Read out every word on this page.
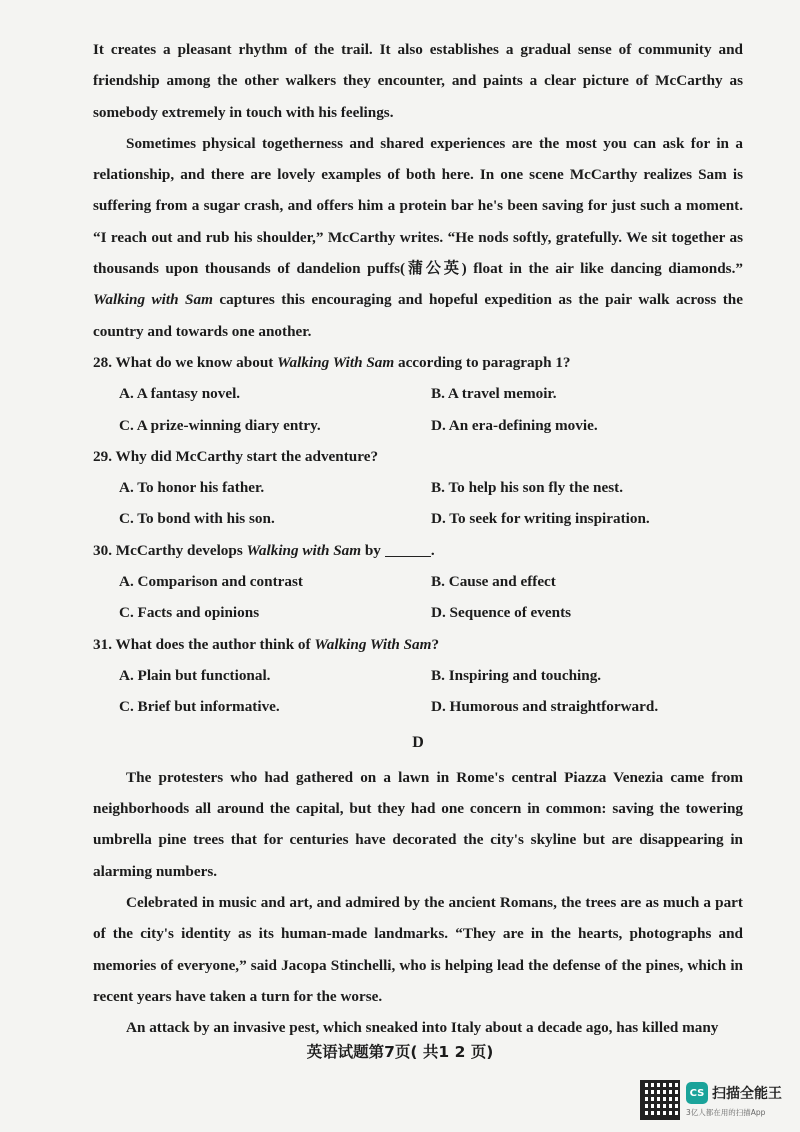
It creates a pleasant rhythm of the trail. It also establishes a gradual sense of community and friendship among the other walkers they encounter, and paints a clear picture of McCarthy as somebody extremely in touch with his feelings.

Sometimes physical togetherness and shared experiences are the most you can ask for in a relationship, and there are lovely examples of both here. In one scene McCarthy realizes Sam is suffering from a sugar crash, and offers him a protein bar he's been saving for just such a moment. “I reach out and rub his shoulder,” McCarthy writes. “He nods softly, gratefully. We sit together as thousands upon thousands of dandelion puffs(蒲公英) float in the air like dancing diamonds.” Walking with Sam captures this encouraging and hopeful expedition as the pair walk across the country and towards one another.

28. What do we know about Walking With Sam according to paragraph 1?

A. A fantasy novel.	B. A travel memoir.
C. A prize-winning diary entry.	D. An era-defining movie.

29. Why did McCarthy start the adventure?

A. To honor his father.	B. To help his son fly the nest.
C. To bond with his son.	D. To seek for writing inspiration.

30. McCarthy develops Walking with Sam by	.

A. Comparison and contrast	B. Cause and effect
C. Facts and opinions	D. Sequence of events

31. What does the author think of Walking With Sam?

A. Plain but functional.	B. Inspiring and touching.
C. Brief but informative.	D. Humorous and straightforward.
D

The protesters who had gathered on a lawn in Rome's central Piazza Venezia came from neighborhoods all around the capital, but they had one concern in common: saving the towering umbrella pine trees that for centuries have decorated the city's skyline but are disappearing in alarming numbers.

Celebrated in music and art, and admired by the ancient Romans, the trees are as much a part of the city's identity as its human-made landmarks. “They are in the hearts, photographs and memories of everyone,” said Jacopa Stinchelli, who is helping lead the defense of the pines, which in recent years have taken a turn for the worse.

An attack by an invasive pest, which sneaked into Italy about a decade ago, has killed many

英语试题第7页( 共1 2 页)
CS 扫描全能王
3亿人都在用的扫描App
